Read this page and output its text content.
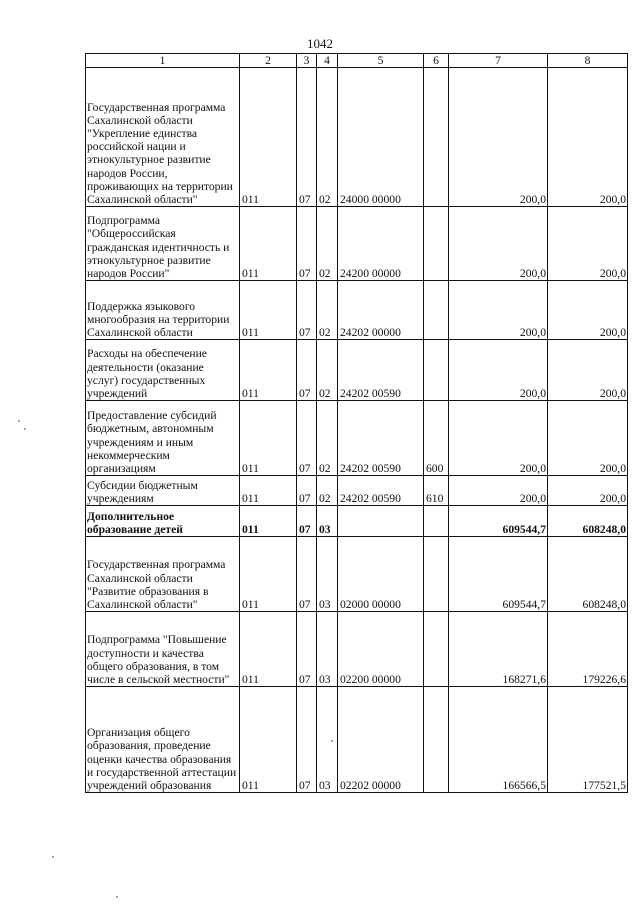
1042
1	2	3	4	5	6	7	8
Государственная программа Сахалинской области "Укрепление единства российской нации и этнокультурное развитие народов России, проживающих на территории Сахалинской области"	011	07	02	24000 00000		200,0	200,0
Подпрограмма "Общероссийская гражданская идентичность и этнокультурное развитие народов России"	011	07	02	24200 00000		200,0	200,0
Поддержка языкового многообразия на территории Сахалинской области	011	07	02	24202 00000		200,0	200,0
Расходы на обеспечение деятельности (оказание услуг) государственных учреждений	011	07	02	24202 00590		200,0	200,0
Предоставление субсидий бюджетным, автономным учреждениям и иным некоммерческим организациям	011	07	02	24202 00590	600	200,0	200,0
Субсидии бюджетным учреждениям	011	07	02	24202 00590	610	200,0	200,0
Дополнительное образование детей	011	07	03			609544,7	608248,0
Государственная программа Сахалинской области "Развитие образования в Сахалинской области"	011	07	03	02000 00000		609544,7	608248,0
Подпрограмма "Повышение доступности и качества общего образования, в том числе в сельской местности"	011	07	03	02200 00000		168271,6	179226,6
Организация общего образования, проведение оценки качества образования и государственной аттестации учреждений образования	011	07	03	02202 00000		166566,5	177521,5
